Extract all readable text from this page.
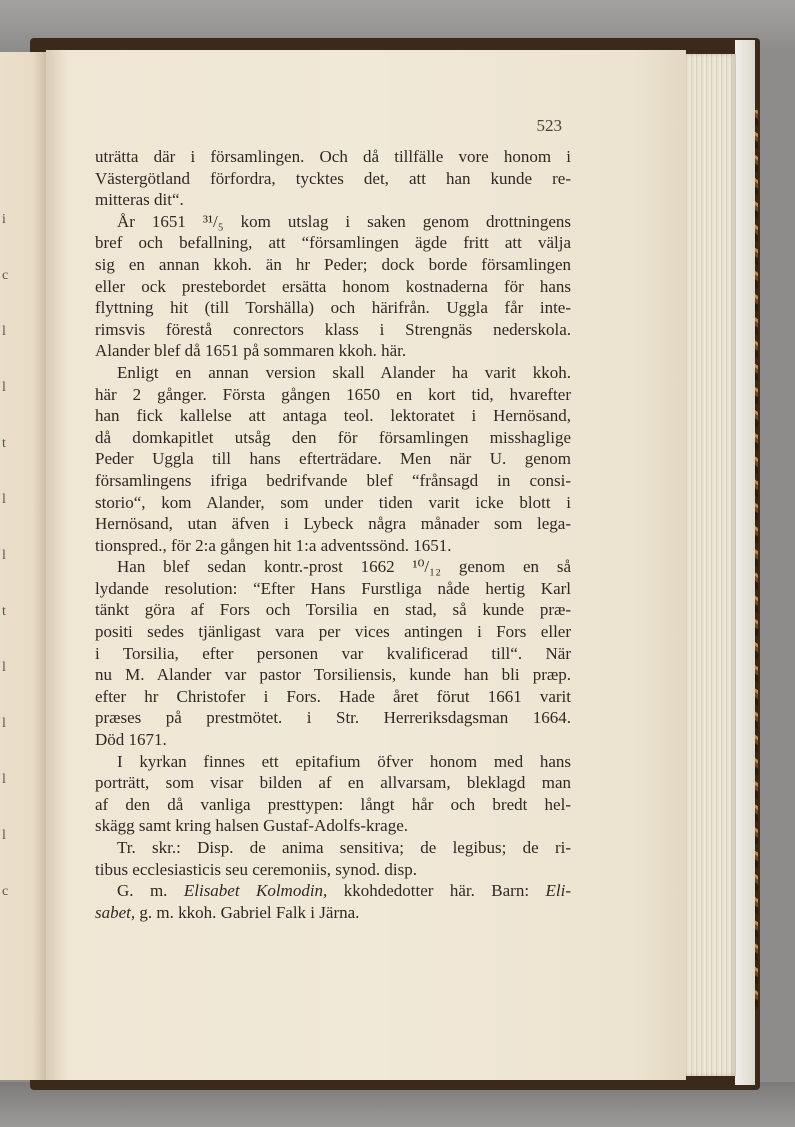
i
c
l
l
t
l
l
t
l
l
l
l
c
523
uträtta där i församlingen. Och då tillfälle vore honom i
Västergötland förfordra, tycktes det, att han kunde re-
mitteras dit“.
År 1651 ³¹/₅ kom utslag i saken genom drottningens
bref och befallning, att “församlingen ägde fritt att välja
sig en annan kkoh. än hr Peder; dock borde församlingen
eller ock prestebordet ersätta honom kostnaderna för hans
flyttning hit (till Torshälla) och härifrån. Uggla får inte-
rimsvis förestå conrectors klass i Strengnäs nederskola.
Alander blef då 1651 på sommaren kkoh. här.
Enligt en annan version skall Alander ha varit kkoh.
här 2 gånger. Första gången 1650 en kort tid, hvarefter
han fick kallelse att antaga teol. lektoratet i Hernösand,
då domkapitlet utsåg den för församlingen misshaglige
Peder Uggla till hans efterträdare. Men när U. genom
församlingens ifriga bedrifvande blef “frånsagd in consi-
storio“, kom Alander, som under tiden varit icke blott i
Hernösand, utan äfven i Lybeck några månader som lega-
tionspred., för 2:a gången hit 1:a adventssönd. 1651.
Han blef sedan kontr.-prost 1662 ¹⁰/₁₂ genom en så
lydande resolution: “Efter Hans Furstliga nåde hertig Karl
tänkt göra af Fors och Torsilia en stad, så kunde præ-
positi sedes tjänligast vara per vices antingen i Fors eller
i Torsilia, efter personen var kvalificerad till“. När
nu M. Alander var pastor Torsiliensis, kunde han bli præp.
efter hr Christofer i Fors. Hade året förut 1661 varit
præses på prestmötet. i Str. Herreriksdagsman 1664.
Död 1671.
I kyrkan finnes ett epitafium öfver honom med hans
porträtt, som visar bilden af en allvarsam, bleklagd man
af den då vanliga presttypen: långt hår och bredt hel-
skägg samt kring halsen Gustaf-Adolfs-krage.
Tr. skr.: Disp. de anima sensitiva; de legibus; de ri-
tibus ecclesiasticis seu ceremoniis, synod. disp.
G. m. Elisabet Kolmodin, kkohdedotter här. Barn: Eli-
sabet, g. m. kkoh. Gabriel Falk i Järna.
